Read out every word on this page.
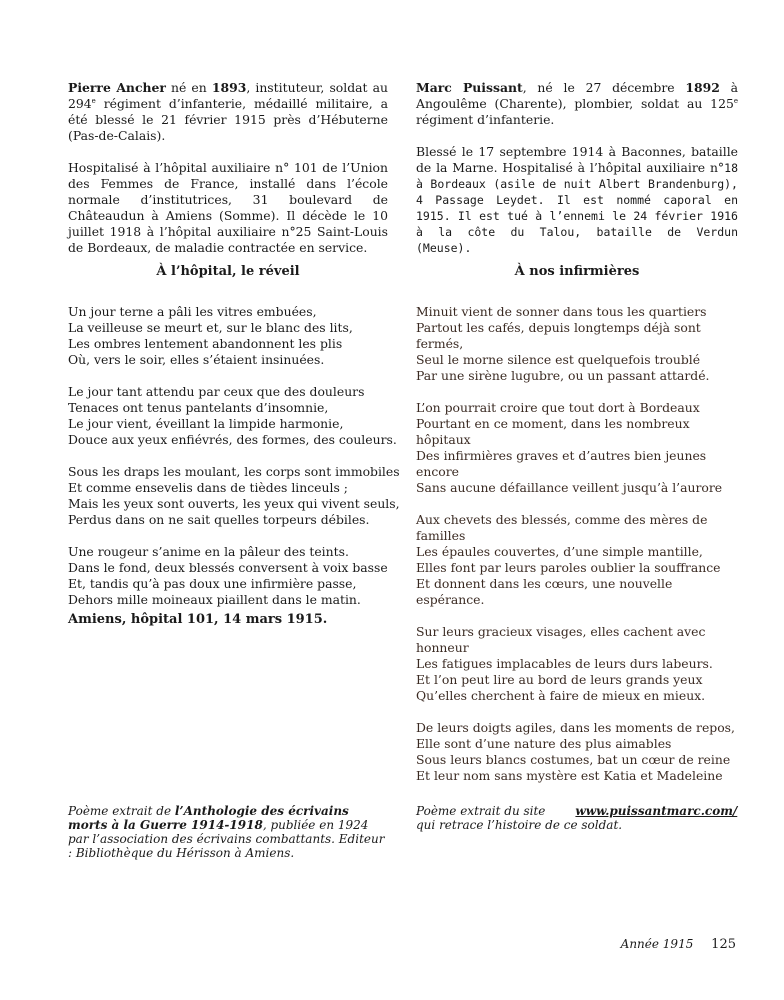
Pierre Ancher né en 1893, instituteur, soldat au 294e régiment d’infanterie, médaillé militaire, a été blessé le 21 février 1915 près d’Hébuterne (Pas-de-Calais).

Hospitalisé à l’hôpital auxiliaire n° 101 de l’Union des Femmes de France, installé dans l’école normale d’institutrices, 31 boulevard de Châteaudun à Amiens (Somme). Il décède le 10 juillet 1918 à l’hôpital auxiliaire n°25 Saint-Louis de Bordeaux, de maladie contractée en service.

À l’hôpital, le réveil

Un jour terne a pâli les vitres embuées,
La veilleuse se meurt et, sur le blanc des lits,
Les ombres lentement abandonnent les plis
Où, vers le soir, elles s’étaient insinuées.
Le jour tant attendu par ceux que des douleurs
Tenaces ont tenus pantelants d’insomnie,
Le jour vient, éveillant la limpide harmonie,
Douce aux yeux enfiévrés, des formes, des couleurs.
Sous les draps les moulant, les corps sont immobiles
Et comme ensevelis dans de tièdes linceuls ;
Mais les yeux sont ouverts, les yeux qui vivent seuls,
Perdus dans on ne sait quelles torpeurs débiles.
Une rougeur s’anime en la pâleur des teints.
Dans le fond, deux blessés conversent à voix basse
Et, tandis qu’à pas doux une infirmière passe,
Dehors mille moineaux piaillent dans le matin.

Amiens, hôpital 101, 14 mars 1915.

Marc Puissant, né le 27 décembre 1892 à Angoulême (Charente), plombier, soldat au 125e régiment d’infanterie.

Blessé le 17 septembre 1914 à Baconnes, bataille de la Marne. Hospitalisé à l’hôpital auxiliaire n°18 à Bordeaux (asile de nuit Albert Brandenburg), 4 Passage Leydet. Il est nommé caporal en 1915. Il est tué à l’ennemi le 24 février 1916 à la côte du Talou, bataille de Verdun (Meuse).

À nos infirmières

Minuit vient de sonner dans tous les quartiers
Partout les cafés, depuis longtemps déjà sont fermés,
Seul le morne silence est quelquefois troublé
Par une sirène lugubre, ou un passant attardé.
L’on pourrait croire que tout dort à Bordeaux
Pourtant en ce moment, dans les nombreux hôpitaux
Des infirmières graves et d’autres bien jeunes encore
Sans aucune défaillance veillent jusqu’à l’aurore
Aux chevets des blessés, comme des mères de familles
Les épaules couvertes, d’une simple mantille,
Elles font par leurs paroles oublier la souffrance
Et donnent dans les cœurs, une nouvelle espérance.
Sur leurs gracieux visages, elles cachent avec honneur
Les fatigues implacables de leurs durs labeurs.
Et l’on peut lire au bord de leurs grands yeux
Qu’elles cherchent à faire de mieux en mieux.
De leurs doigts agiles, dans les moments de repos,
Elle sont d’une nature des plus aimables
Sous leurs blancs costumes, bat un cœur de reine
Et leur nom sans mystère est Katia et Madeleine

Poème extrait de l’Anthologie des écrivains morts à la Guerre 1914-1918, publiée en 1924 par l’association des écrivains combattants. Editeur : Bibliothèque du Hérisson à Amiens.

Poème extrait du site	www.puissantmarc.com/
qui retrace l’histoire de ce soldat.

Année 1915 125
